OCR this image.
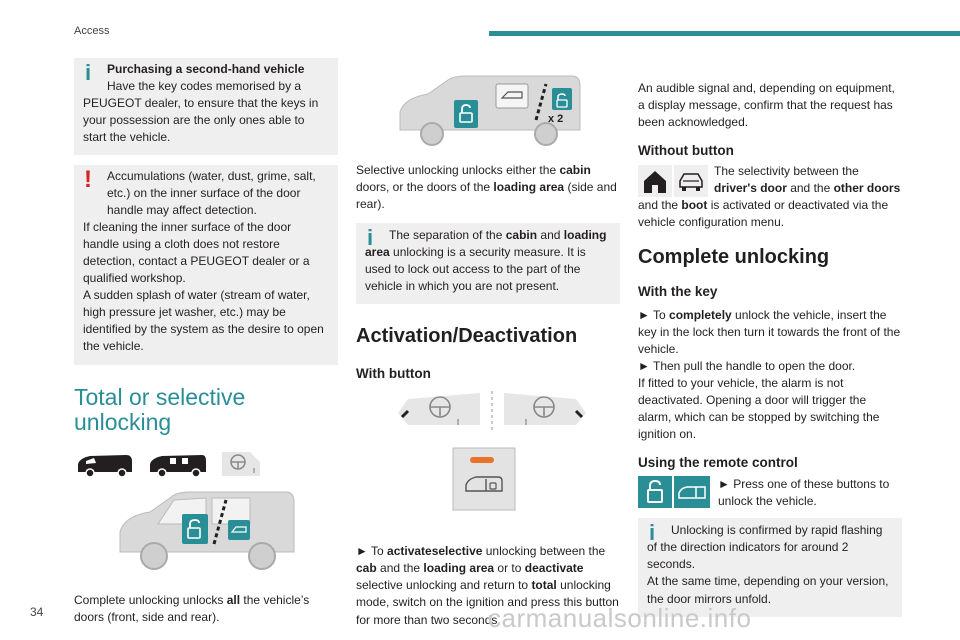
Access
i	Purchasing a second-hand vehicle

Have the key codes memorised by a PEUGEOT dealer, to ensure that the keys in your possession are the only ones able to start the vehicle.

!	Accumulations (water, dust, grime, salt, etc.) on the inner surface of the door handle may affect detection.

If cleaning the inner surface of the door handle using a cloth does not restore detection, contact a PEUGEOT dealer or a qualified workshop.

A sudden splash of water (stream of water, high pressure jet washer, etc.) may be identified by the system as the desire to open the vehicle.

Total or selective unlocking

Complete unlocking unlocks all the vehicle’s doors (front, side and rear).

x 2

Selective unlocking unlocks either the cabin doors, or the doors of the loading area (side and rear).

i	The separation of the cabin and loading area unlocking is a security measure. It is used to lock out access to the part of the vehicle in which you are not present.

Activation/Deactivation
With button

► To activateselective unlocking between the cab and the loading area or to deactivate selective unlocking and return to total unlocking mode, switch on the ignition and press this button for more than two seconds.

An audible signal and, depending on equipment, a display message, confirm that the request has been acknowledged.

Without button

The selectivity between the driver's door and the other doors and the boot is activated or deactivated via the vehicle configuration menu.

Complete unlocking
With the key

► To completely unlock the vehicle, insert the key in the lock then turn it towards the front of the vehicle.

► Then pull the handle to open the door.

If fitted to your vehicle, the alarm is not deactivated. Opening a door will trigger the alarm, which can be stopped by switching the ignition on.

Using the remote control

► Press one of these buttons to unlock the vehicle.

i	Unlocking is confirmed by rapid flashing of the direction indicators for around 2 seconds.

At the same time, depending on your version, the door mirrors unfold.

34	carmanualsonline.info
